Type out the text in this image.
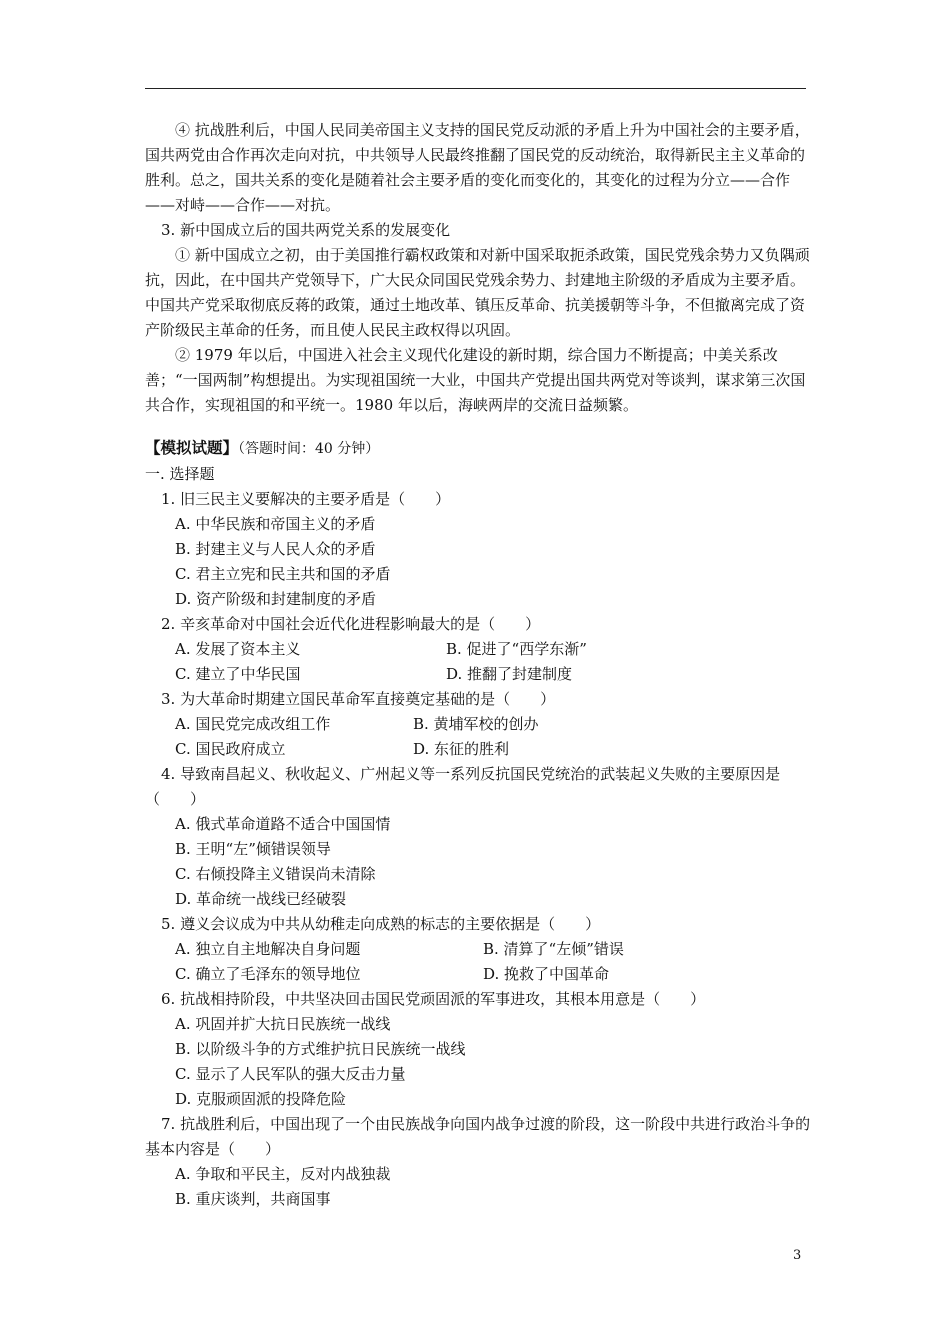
④ 抗战胜利后，中国人民同美帝国主义支持的国民党反动派的矛盾上升为中国社会的主要矛盾，国共两党由合作再次走向对抗，中共领导人民最终推翻了国民党的反动统治，取得新民主主义革命的胜利。总之，国共关系的变化是随着社会主要矛盾的变化而变化的，其变化的过程为分立——合作——对峙——合作——对抗。

3. 新中国成立后的国共两党关系的发展变化

① 新中国成立之初，由于美国推行霸权政策和对新中国采取扼杀政策，国民党残余势力又负隅顽抗，因此，在中国共产党领导下，广大民众同国民党残余势力、封建地主阶级的矛盾成为主要矛盾。中国共产党采取彻底反蒋的政策，通过土地改革、镇压反革命、抗美援朝等斗争，不但撤离完成了资产阶级民主革命的任务，而且使人民民主政权得以巩固。

② 1979 年以后，中国进入社会主义现代化建设的新时期，综合国力不断提高；中美关系改善；“一国两制”构想提出。为实现祖国统一大业，中国共产党提出国共两党对等谈判，谋求第三次国共合作，实现祖国的和平统一。1980 年以后，海峡两岸的交流日益频繁。

【模拟试题】（答题时间：40 分钟）

一. 选择题

1. 旧三民主义要解决的主要矛盾是（　　）

A. 中华民族和帝国主义的矛盾
B. 封建主义与人民人众的矛盾
C. 君主立宪和民主共和国的矛盾
D. 资产阶级和封建制度的矛盾

2. 辛亥革命对中国社会近代化进程影响最大的是（　　）

A. 发展了资本主义	B. 促进了“西学东渐”
C. 建立了中华民国	D. 推翻了封建制度

3. 为大革命时期建立国民革命军直接奠定基础的是（　　）

A. 国民党完成改组工作	B. 黄埔军校的创办
C. 国民政府成立	D. 东征的胜利

4. 导致南昌起义、秋收起义、广州起义等一系列反抗国民党统治的武装起义失败的主要原因是（　　）

A. 俄式革命道路不适合中国国情
B. 王明“左”倾错误领导
C. 右倾投降主义错误尚未清除
D. 革命统一战线已经破裂

5. 遵义会议成为中共从幼稚走向成熟的标志的主要依据是（　　）

A. 独立自主地解决自身问题	B. 清算了“左倾”错误
C. 确立了毛泽东的领导地位	D. 挽救了中国革命

6. 抗战相持阶段，中共坚决回击国民党顽固派的军事进攻，其根本用意是（　　）

A. 巩固并扩大抗日民族统一战线
B. 以阶级斗争的方式维护抗日民族统一战线
C. 显示了人民军队的强大反击力量
D. 克服顽固派的投降危险

7. 抗战胜利后，中国出现了一个由民族战争向国内战争过渡的阶段，这一阶段中共进行政治斗争的基本内容是（　　）

A. 争取和平民主，反对内战独裁
B. 重庆谈判，共商国事
3
